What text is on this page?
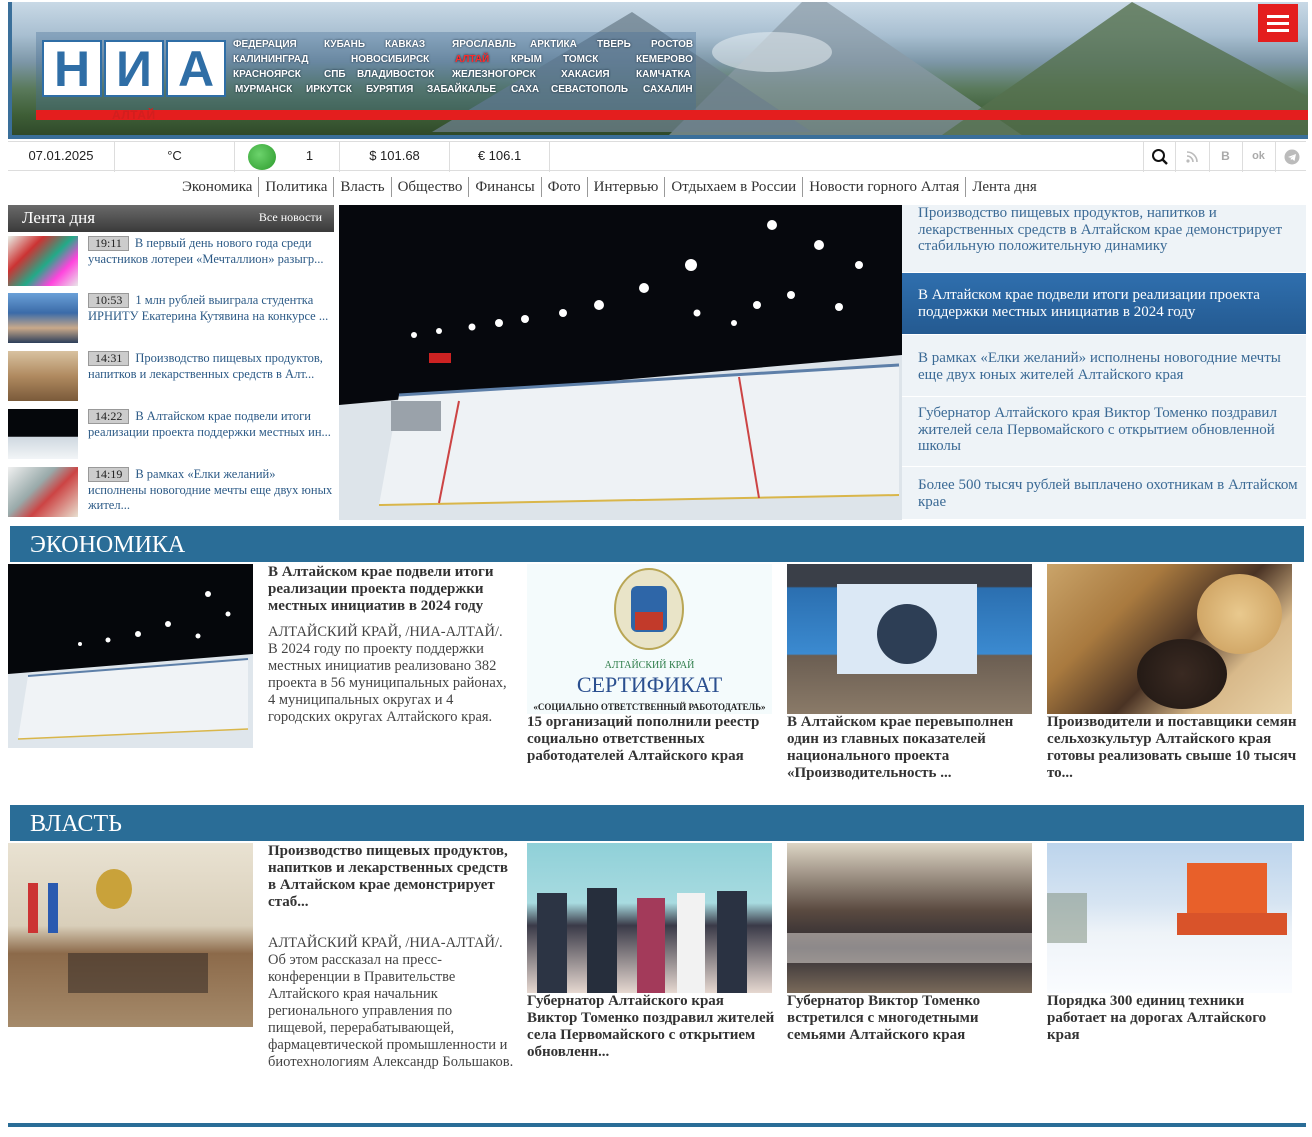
Н И А
АЛТАЙ
ФЕДЕРАЦИЯ	КУБАНЬ КАВКАЗ	ЯРОСЛАВЛЬ АРКТИКА ТВЕРЬ РОСТОВ
КАЛИНИНГРАД	НОВОСИБИРСК	АЛТАЙ КРЫМ ТОМСК	КЕМЕРОВО
КРАСНОЯРСК СПБ ВЛАДИВОСТОК ЖЕЛЕЗНОГОРСК	ХАКАСИЯ	КАМЧАТКА
МУРМАНСК ИРКУТСК БУРЯТИЯ ЗАБАЙКАЛЬЕ САХА СЕВАСТОПОЛЬ САХАЛИН
07.01.2025	°C	1	$ 101.68	€ 106.1	В	ok
Экономика Политика Власть Общество Финансы Фото Интервью Отдыхаем в России Новости горного Алтая Лента дня
Лента дня	Все новости
19:11 В первый день нового года среди участников лотереи «Мечталлион» разыгр...
10:53 1 млн рублей выиграла студентка ИРНИТУ Екатерина Кутявина на конкурсе ...
14:31 Производство пищевых продуктов, напитков и лекарственных средств в Алт...
14:22 В Алтайском крае подвели итоги реализации проекта поддержки местных ин...
14:19 В рамках «Елки желаний» исполнены новогодние мечты еще двух юных жител...
Производство пищевых продуктов, напитков и лекарственных средств в Алтайском крае демонстрирует стабильную положительную динамику
В Алтайском крае подвели итоги реализации проекта поддержки местных инициатив в 2024 году
В рамках «Елки желаний» исполнены новогодние мечты еще двух юных жителей Алтайского края
Губернатор Алтайского края Виктор Томенко поздравил жителей села Первомайского с открытием обновленной школы
Более 500 тысяч рублей выплачено охотникам в Алтайском крае
ЭКОНОМИКА
В Алтайском крае подвели итоги реализации проекта поддержки местных инициатив в 2024 году
АЛТАЙСКИЙ КРАЙ, /НИА-АЛТАЙ/. В 2024 году по проекту поддержки местных инициатив реализовано 382 проекта в 56 муниципальных районах, 4 муниципальных округах и 4 городских округах Алтайского края.
АЛТАЙСКИЙ КРАЙ
СЕРТИФИКАТ
«СОЦИАЛЬНО ОТВЕТСТВЕННЫЙ РАБОТОДАТЕЛЬ»
15 организаций пополнили реестр социально ответственных работодателей Алтайского края
В Алтайском крае перевыполнен один из главных показателей национального проекта «Производительность ...
Производители и поставщики семян сельхозкультур Алтайского края готовы реализовать свыше 10 тысяч то...
ВЛАСТЬ
Производство пищевых продуктов, напитков и лекарственных средств в Алтайском крае демонстрирует стаб...
АЛТАЙСКИЙ КРАЙ, /НИА-АЛТАЙ/. Об этом рассказал на пресс-конференции в Правительстве Алтайского края начальник регионального управления по пищевой, перерабатывающей, фармацевтической промышленности и биотехнологиям Александр Большаков.
Губернатор Алтайского края Виктор Томенко поздравил жителей села Первомайского с открытием обновленн...
Губернатор Виктор Томенко встретился с многодетными семьями Алтайского края
Порядка 300 единиц техники работает на дорогах Алтайского края
